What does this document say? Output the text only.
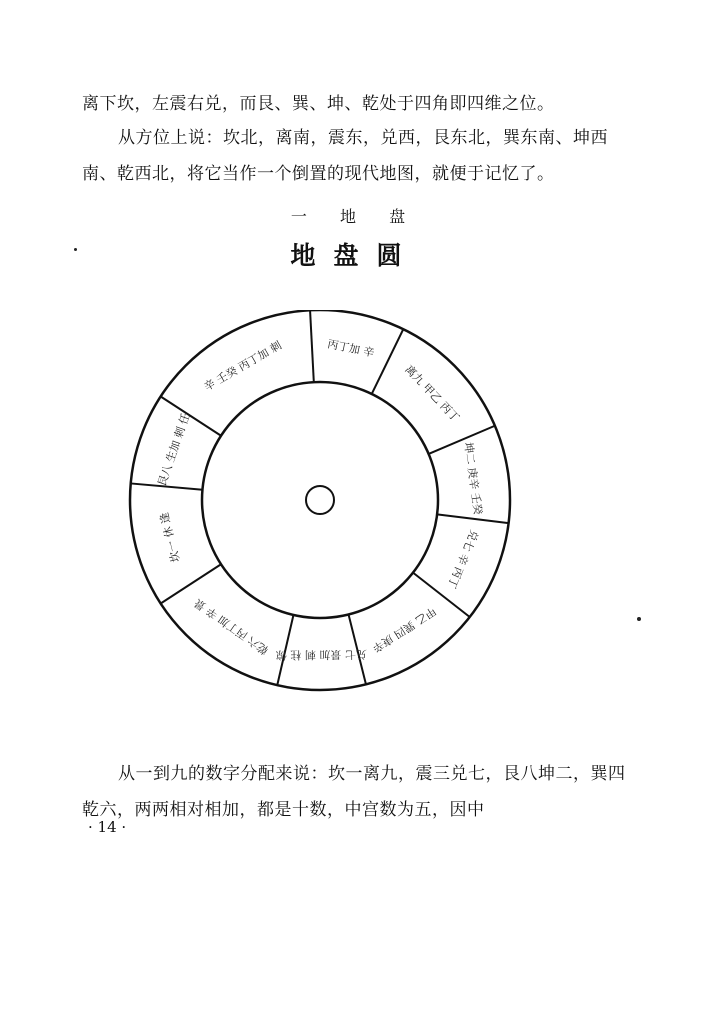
离下坎，左震右兑，而艮、巽、坤、乾处于四角即四维之位。

从方位上说：坎北，离南，震东，兑西，艮东北，巽东南、坤西南、乾西北，将它当作一个倒置的现代地图，就便于记忆了。

一 地 盘
地盘圆
丙丁加 辛
离九 甲乙 丙丁
坤二 庚辛 壬癸
兑七 辛 丙丁
甲乙 巽四 庚辛
兑七 景加 刺 柱 惊
乾六 丙丁加 辛 景
坎一 休 逢
艮八 生加 刺 任
辛 壬癸 丙丁加 刺

从一到九的数字分配来说：坎一离九，震三兑七，艮八坤二，巽四乾六，两两相对相加，都是十数，中宫数为五，因中

· 14 ·
